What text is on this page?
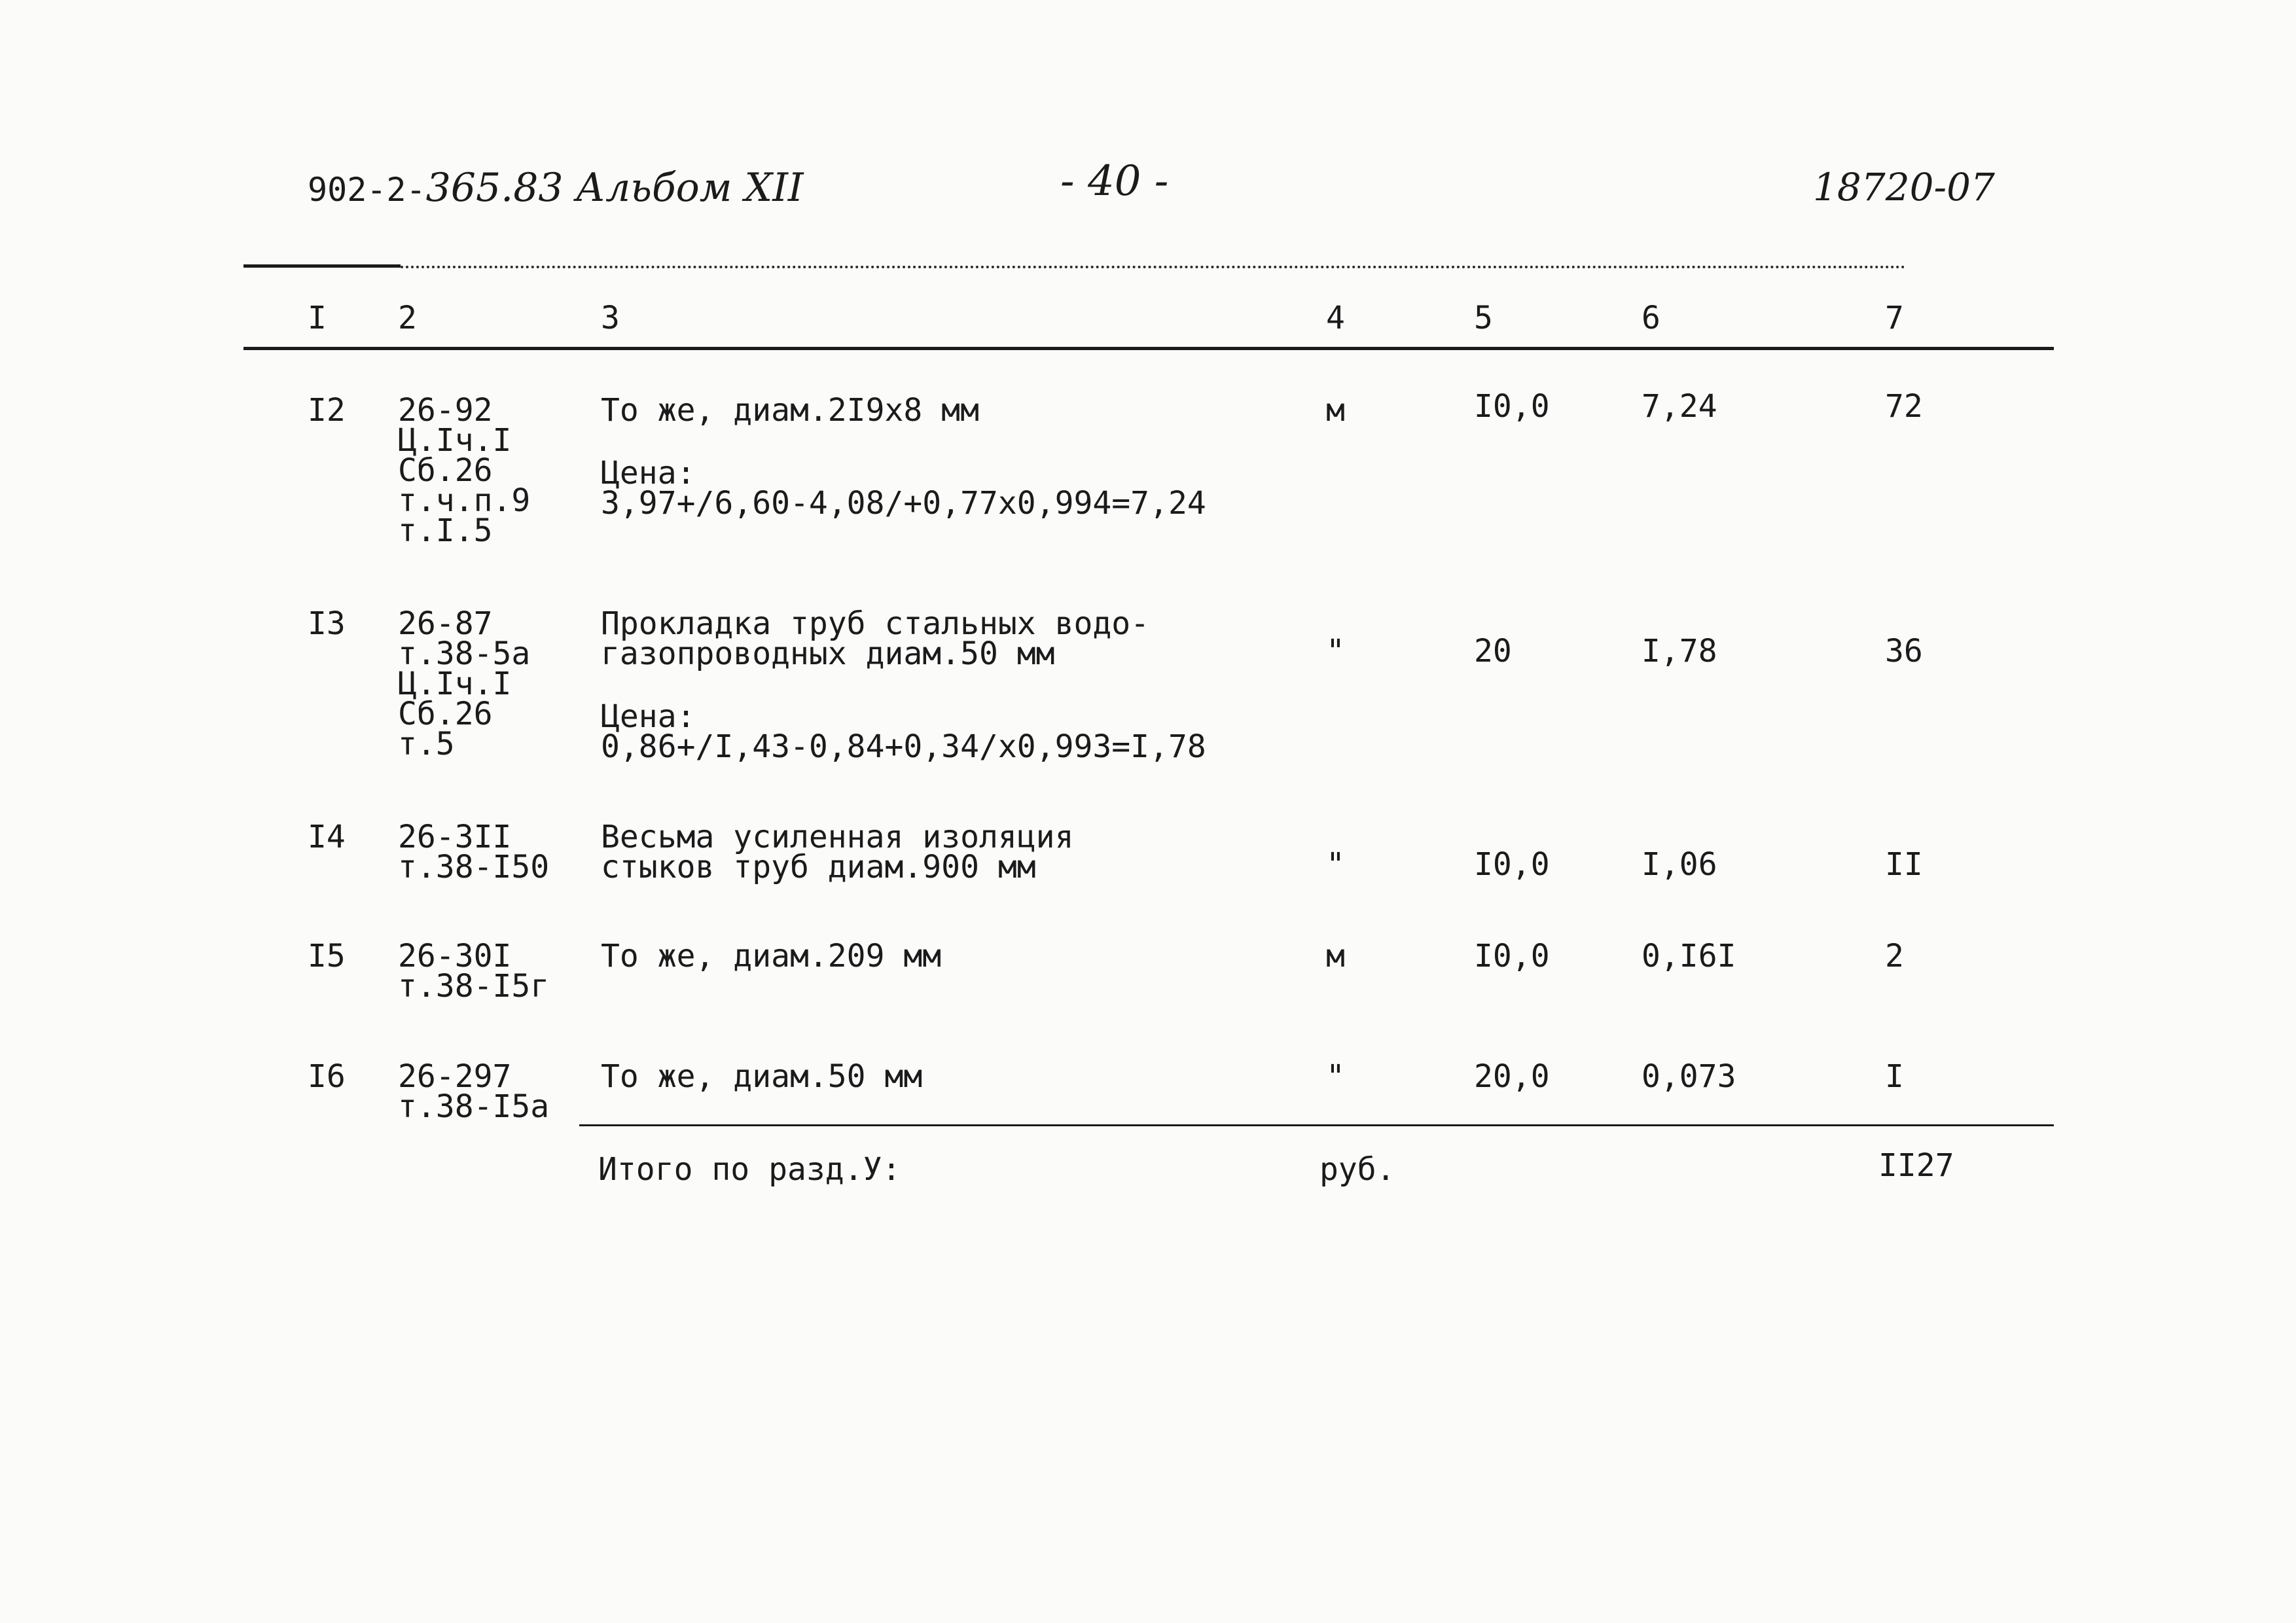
902-2-365.83 Альбом XII	- 40 -	18720-07
I 2	3	4	5	6	7
I2 26-92
Ц.Iч.I
Сб.26
т.ч.п.9
т.I.5
То же, диам.2I9х8 мм
Цена:
3,97+/6,60-4,08/+0,77х0,994=7,24
м	I0,0	7,24	72
I3 26-87
т.38-5а
Ц.Iч.I
Сб.26
т.5
Прокладка труб стальных водо-
газопроводных диам.50 мм
Цена:
0,86+/I,43-0,84+0,34/х0,993=I,78
"	20	I,78	36
I4 26-3II
т.38-I50
Весьма усиленная изоляция
стыков труб диам.900 мм	"	I0,0	I,06	II
I5 26-30I
т.38-I5г
То же, диам.209 мм	м	I0,0	0,I6I	2
I6 26-297
т.38-I5а
То же, диам.50 мм	"	20,0	0,073	I
Итого по разд.У:	руб.	II27
